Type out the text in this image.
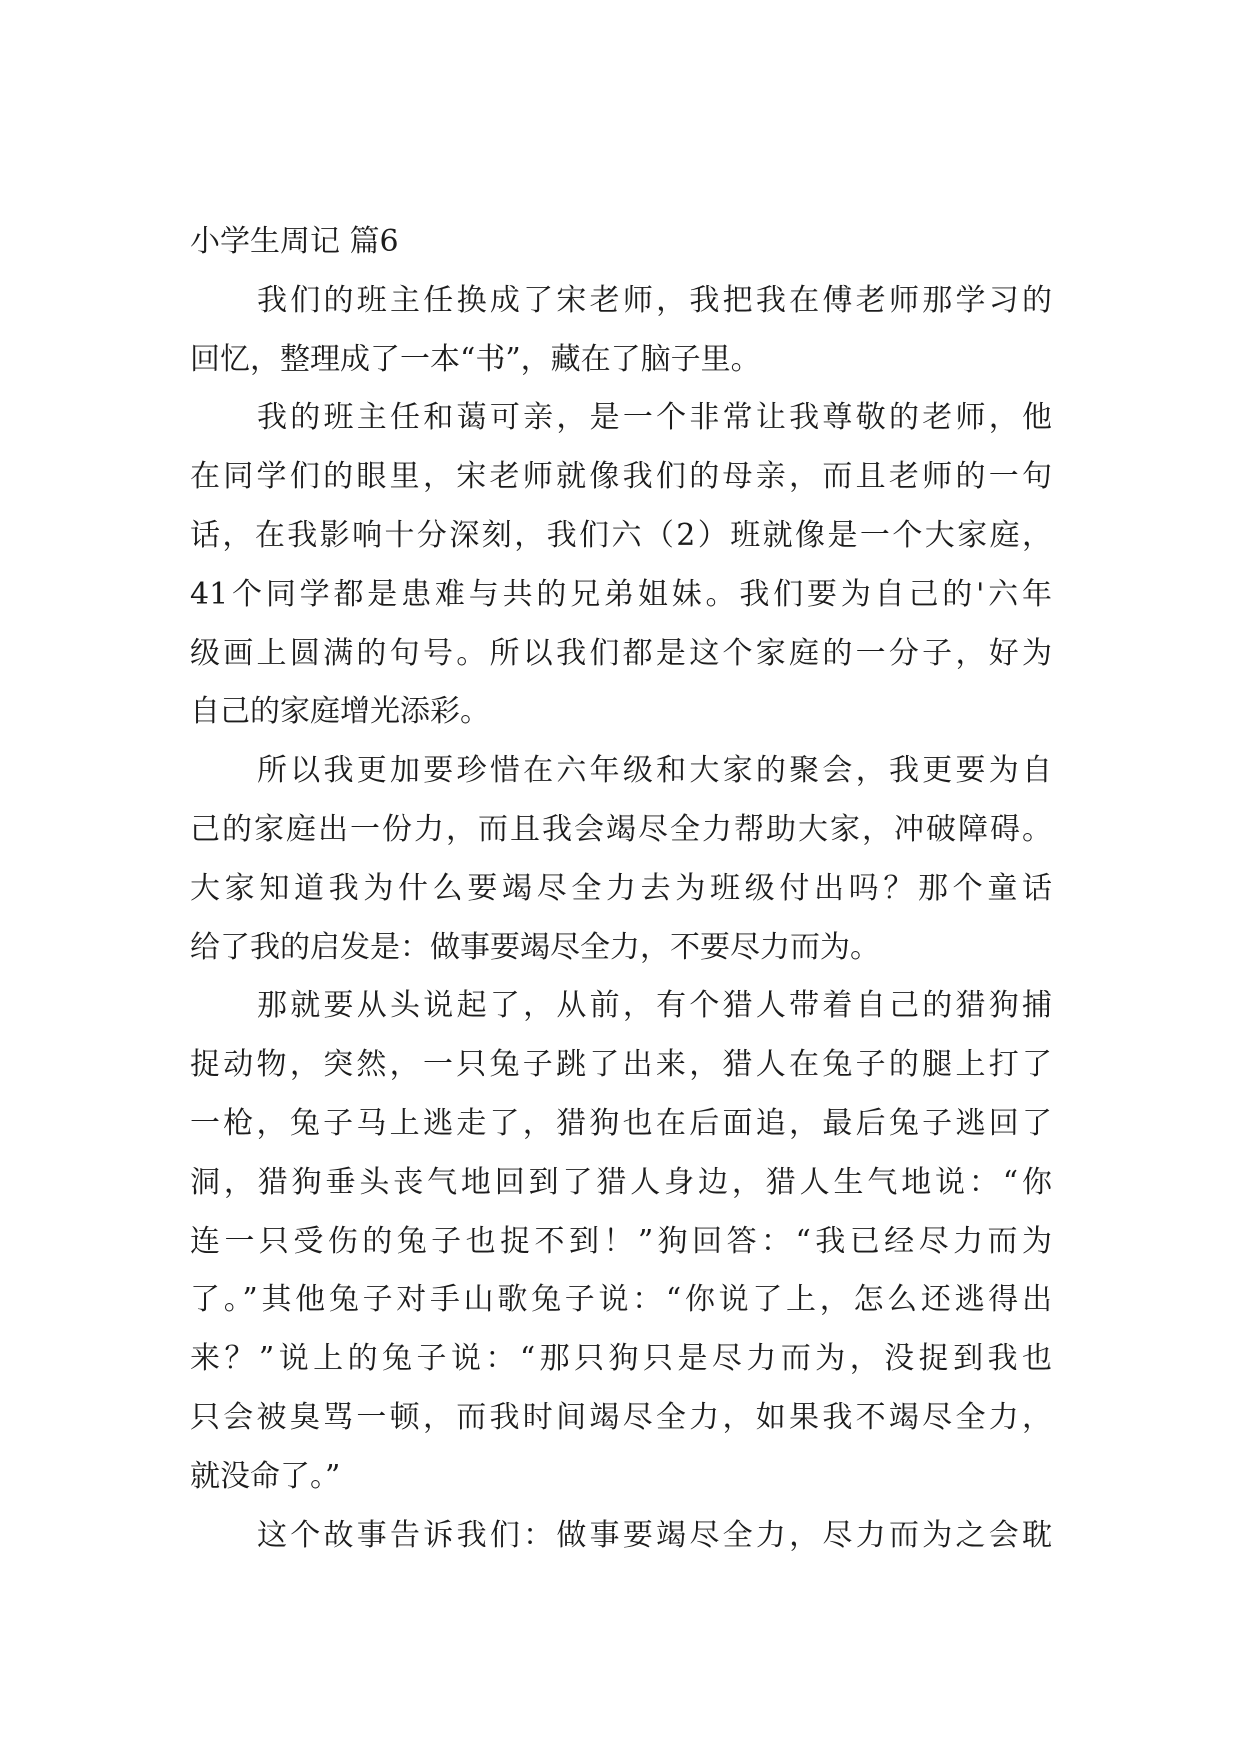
小学生周记 篇6
我们的班主任换成了宋老师，我把我在傅老师那学习的
回忆，整理成了一本“书”，藏在了脑子里。
我的班主任和蔼可亲，是一个非常让我尊敬的老师，他
在同学们的眼里，宋老师就像我们的母亲，而且老师的一句
话，在我影响十分深刻，我们六（2）班就像是一个大家庭，
41个同学都是患难与共的兄弟姐妹。我们要为自己的'六年
级画上圆满的句号。所以我们都是这个家庭的一分子，好为
自己的家庭增光添彩。
所以我更加要珍惜在六年级和大家的聚会，我更要为自
己的家庭出一份力，而且我会竭尽全力帮助大家，冲破障碍。
大家知道我为什么要竭尽全力去为班级付出吗？那个童话
给了我的启发是：做事要竭尽全力，不要尽力而为。
那就要从头说起了，从前，有个猎人带着自己的猎狗捕
捉动物，突然，一只兔子跳了出来，猎人在兔子的腿上打了
一枪，兔子马上逃走了，猎狗也在后面追，最后兔子逃回了
洞，猎狗垂头丧气地回到了猎人身边，猎人生气地说：“你
连一只受伤的兔子也捉不到！”狗回答：“我已经尽力而为
了。”其他兔子对手山歌兔子说：“你说了上，怎么还逃得出
来？”说上的兔子说：“那只狗只是尽力而为，没捉到我也
只会被臭骂一顿，而我时间竭尽全力，如果我不竭尽全力，
就没命了。”
这个故事告诉我们：做事要竭尽全力，尽力而为之会耽
